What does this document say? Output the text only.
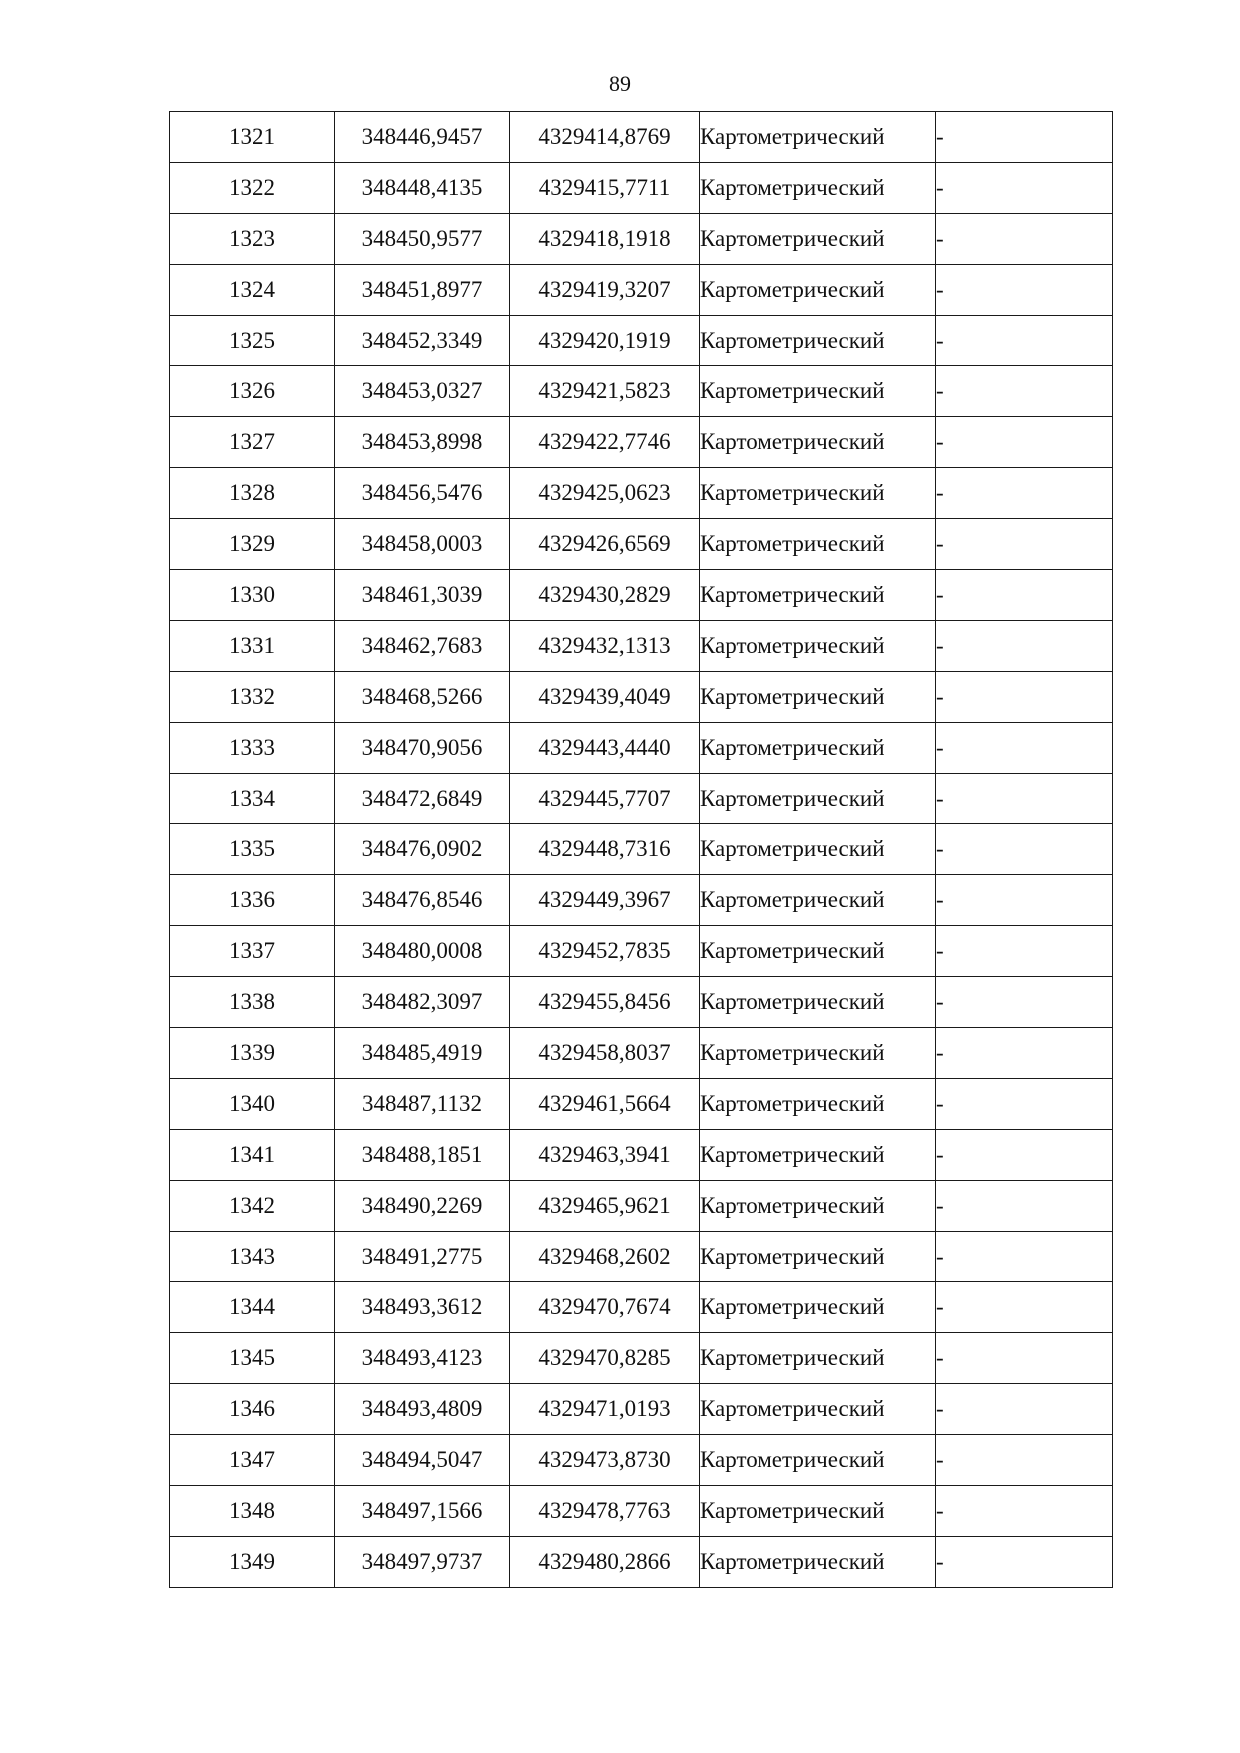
89
1321	348446,9457	4329414,8769	Картометрический	-
1322	348448,4135	4329415,7711	Картометрический	-
1323	348450,9577	4329418,1918	Картометрический	-
1324	348451,8977	4329419,3207	Картометрический	-
1325	348452,3349	4329420,1919	Картометрический	-
1326	348453,0327	4329421,5823	Картометрический	-
1327	348453,8998	4329422,7746	Картометрический	-
1328	348456,5476	4329425,0623	Картометрический	-
1329	348458,0003	4329426,6569	Картометрический	-
1330	348461,3039	4329430,2829	Картометрический	-
1331	348462,7683	4329432,1313	Картометрический	-
1332	348468,5266	4329439,4049	Картометрический	-
1333	348470,9056	4329443,4440	Картометрический	-
1334	348472,6849	4329445,7707	Картометрический	-
1335	348476,0902	4329448,7316	Картометрический	-
1336	348476,8546	4329449,3967	Картометрический	-
1337	348480,0008	4329452,7835	Картометрический	-
1338	348482,3097	4329455,8456	Картометрический	-
1339	348485,4919	4329458,8037	Картометрический	-
1340	348487,1132	4329461,5664	Картометрический	-
1341	348488,1851	4329463,3941	Картометрический	-
1342	348490,2269	4329465,9621	Картометрический	-
1343	348491,2775	4329468,2602	Картометрический	-
1344	348493,3612	4329470,7674	Картометрический	-
1345	348493,4123	4329470,8285	Картометрический	-
1346	348493,4809	4329471,0193	Картометрический	-
1347	348494,5047	4329473,8730	Картометрический	-
1348	348497,1566	4329478,7763	Картометрический	-
1349	348497,9737	4329480,2866	Картометрический	-
